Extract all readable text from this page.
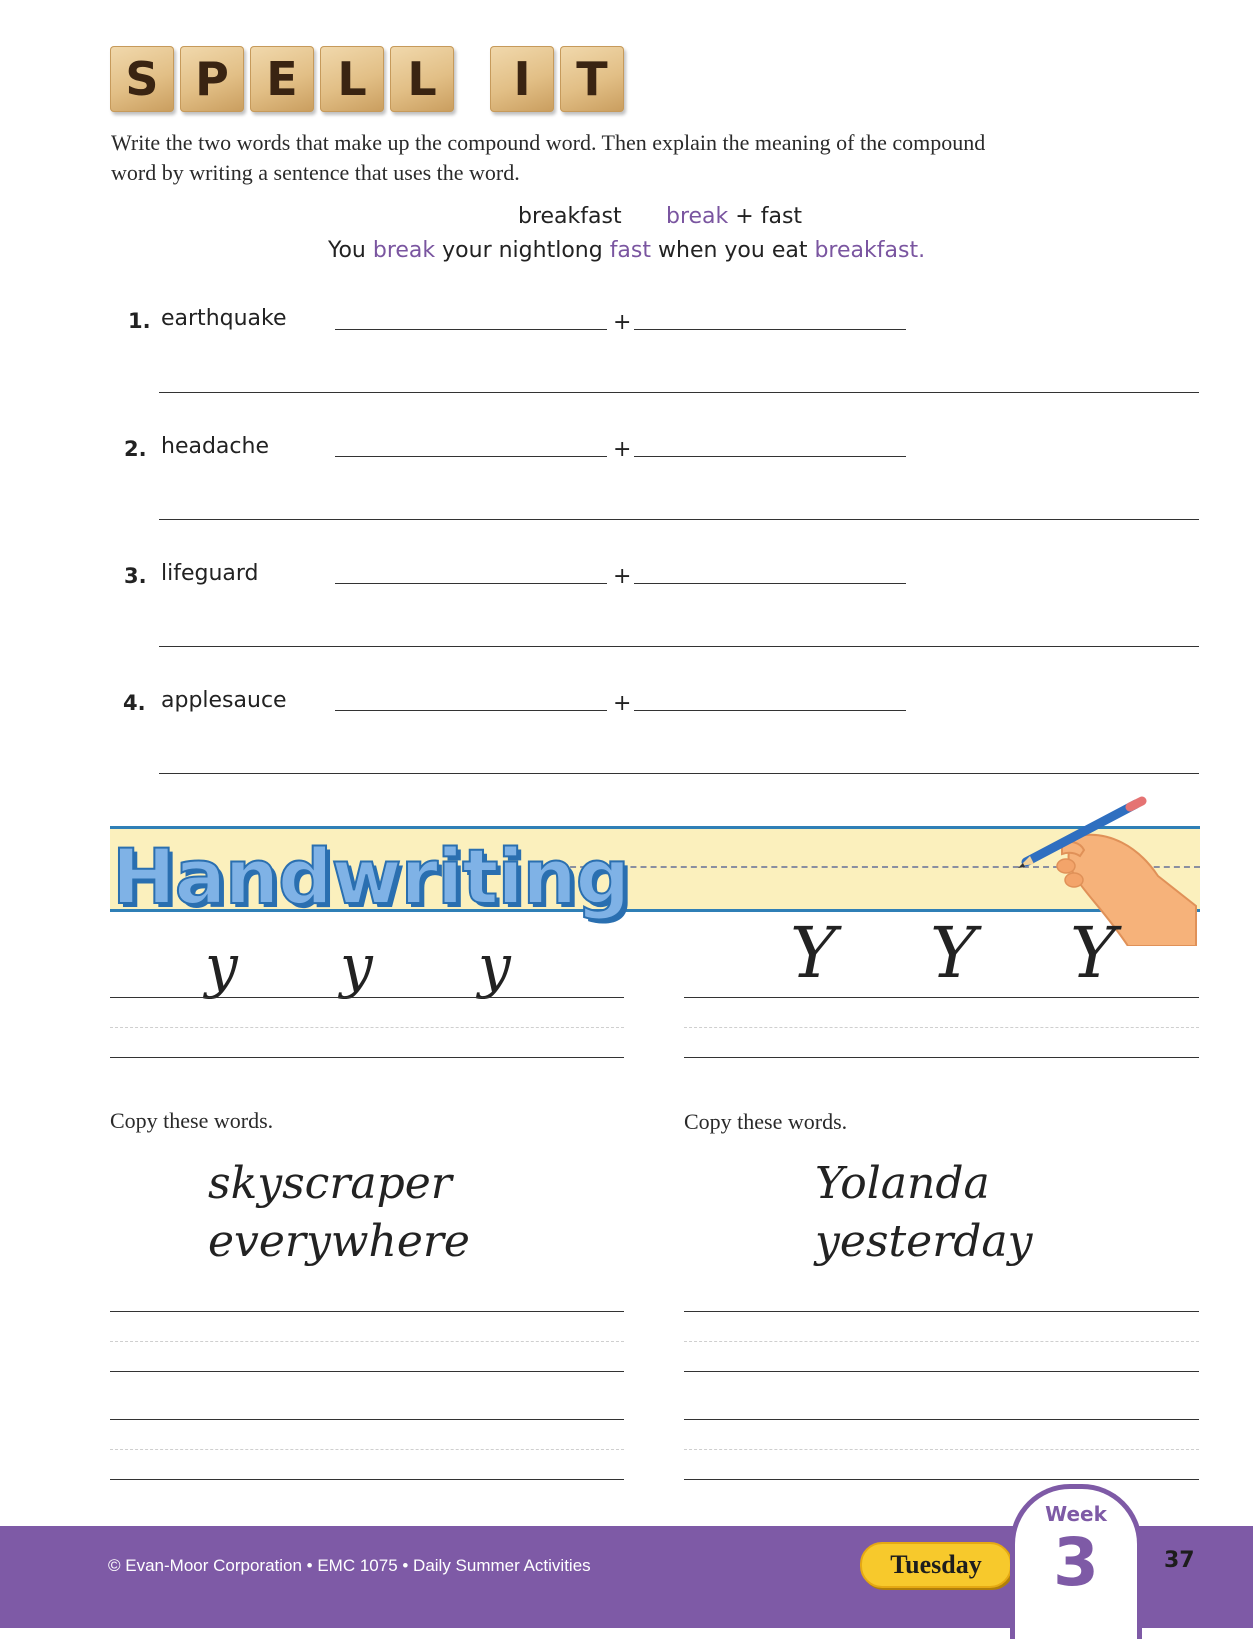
S P E L L	I T
Write the two words that make up the compound word. Then explain the meaning of the compound word by writing a sentence that uses the word.
breakfast break + fast
You break your nightlong fast when you eat breakfast.
1. earthquake	+
2. headache	+
3. lifeguard	+
4. applesauce	+
Handwriting
y y y	Y Y Y
Copy these words.	Copy these words.
skyscraper
everywhere
Yolanda
yesterday
© Evan-Moor Corporation • EMC 1075 • Daily Summer Activities	Tuesday
Week
3	37
